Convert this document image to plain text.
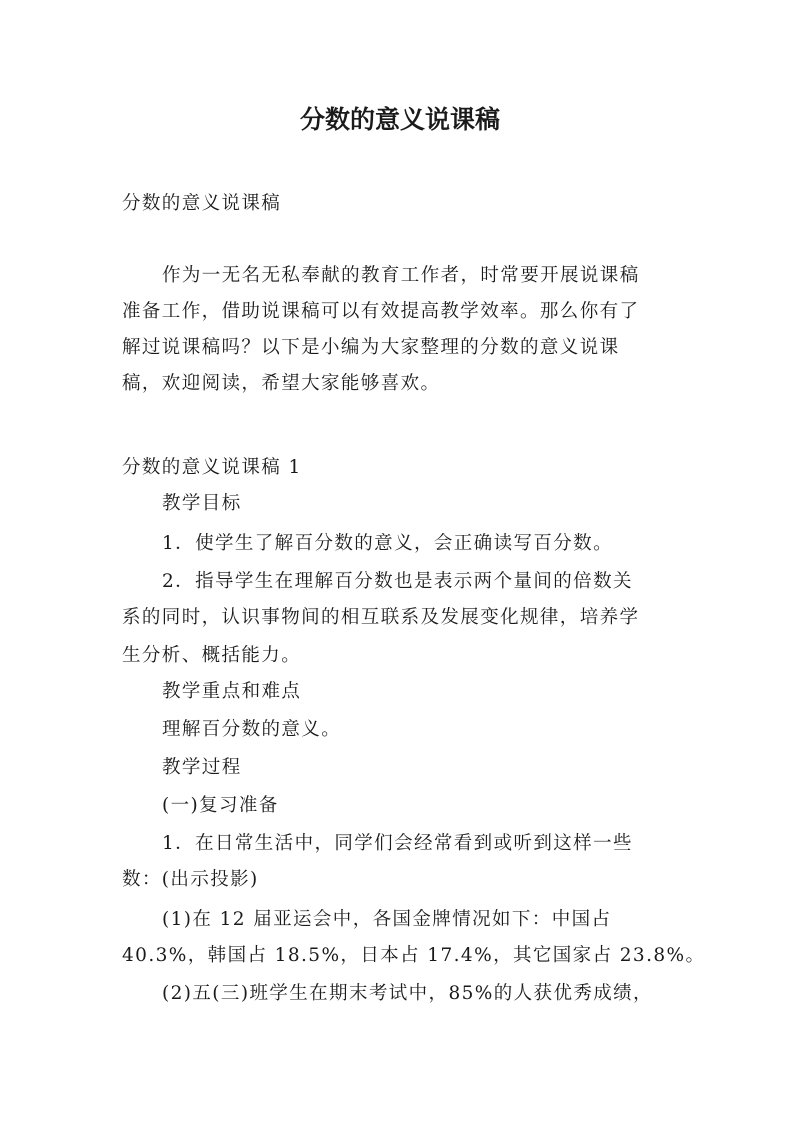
分数的意义说课稿
分数的意义说课稿
作为一无名无私奉献的教育工作者，时常要开展说课稿
准备工作，借助说课稿可以有效提高教学效率。那么你有了
解过说课稿吗？以下是小编为大家整理的分数的意义说课
稿，欢迎阅读，希望大家能够喜欢。
分数的意义说课稿 1
教学目标
1．使学生了解百分数的意义，会正确读写百分数。
2．指导学生在理解百分数也是表示两个量间的倍数关
系的同时，认识事物间的相互联系及发展变化规律，培养学
生分析、概括能力。
教学重点和难点
理解百分数的意义。
教学过程
(一)复习准备
1．在日常生活中，同学们会经常看到或听到这样一些
数：(出示投影)
(1)在 12 届亚运会中，各国金牌情况如下：中国占
40.3%，韩国占 18.5%，日本占 17.4%，其它国家占 23.8%。
(2)五(三)班学生在期末考试中，85%的人获优秀成绩，
